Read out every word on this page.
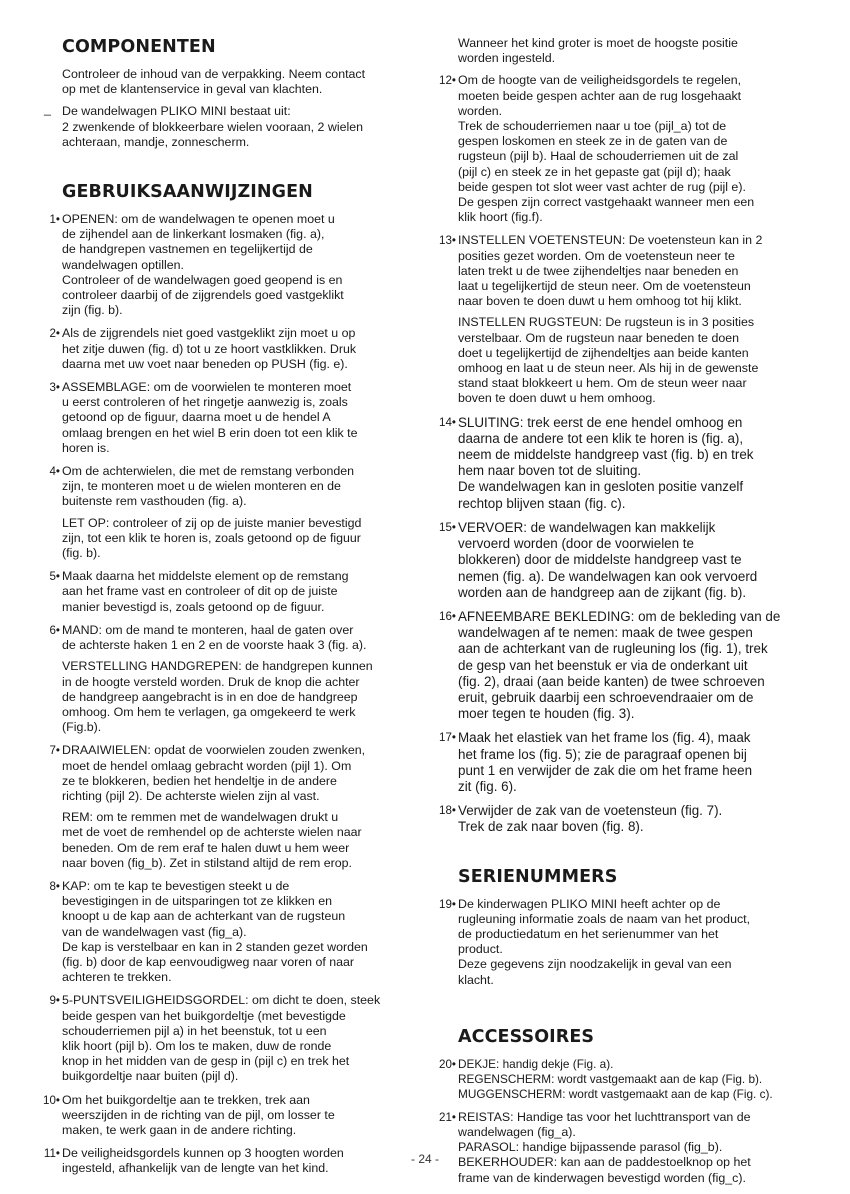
COMPONENTEN
Controleer de inhoud van de verpakking. Neem contact
op met de klantenservice in geval van klachten.
_ De wandelwagen PLIKO MINI bestaat uit:
2 zwenkende of blokkeerbare wielen vooraan, 2 wielen
achteraan, mandje, zonnescherm.
GEBRUIKSAANWIJZINGEN
1• OPENEN: om de wandelwagen te openen moet u
de zijhendel aan de linkerkant losmaken (fig. a),
de handgrepen vastnemen en tegelijkertijd de
wandelwagen optillen.
Controleer of de wandelwagen goed geopend is en
controleer daarbij of de zijgrendels goed vastgeklikt
zijn (fig. b).
2• Als de zijgrendels niet goed vastgeklikt zijn moet u op
het zitje duwen (fig. d) tot u ze hoort vastklikken. Druk
daarna met uw voet naar beneden op PUSH (fig. e).
3• ASSEMBLAGE: om de voorwielen te monteren moet
u eerst controleren of het ringetje aanwezig is, zoals
getoond op de figuur, daarna moet u de hendel A
omlaag brengen en het wiel B erin doen tot een klik te
horen is.
4• Om de achterwielen, die met de remstang verbonden
zijn, te monteren moet u de wielen monteren en de
buitenste rem vasthouden (fig. a).
LET OP: controleer of zij op de juiste manier bevestigd
zijn, tot een klik te horen is, zoals getoond op de figuur
(fig. b).
5• Maak daarna het middelste element op de remstang
aan het frame vast en controleer of dit op de juiste
manier bevestigd is, zoals getoond op de figuur.
6• MAND: om de mand te monteren, haal de gaten over
de achterste haken 1 en 2 en de voorste haak 3 (fig. a).
VERSTELLING HANDGREPEN: de handgrepen kunnen
in de hoogte versteld worden. Druk de knop die achter
de handgreep aangebracht is in en doe de handgreep
omhoog. Om hem te verlagen, ga omgekeerd te werk
(Fig.b).
7• DRAAIWIELEN: opdat de voorwielen zouden zwenken,
moet de hendel omlaag gebracht worden (pijl 1). Om
ze te blokkeren, bedien het hendeltje in de andere
richting (pijl 2). De achterste wielen zijn al vast.
REM: om te remmen met de wandelwagen drukt u
met de voet de remhendel op de achterste wielen naar
beneden. Om de rem eraf te halen duwt u hem weer
naar boven (fig_b). Zet in stilstand altijd de rem erop.
8• KAP: om te kap te bevestigen steekt u de
bevestigingen in de uitsparingen tot ze klikken en
knoopt u de kap aan de achterkant van de rugsteun
van de wandelwagen vast (fig_a).
De kap is verstelbaar en kan in 2 standen gezet worden
(fig. b) door de kap eenvoudigweg naar voren of naar
achteren te trekken.
9• 5-PUNTSVEILIGHEIDSGORDEL: om dicht te doen, steek
beide gespen van het buikgordeltje (met bevestigde
schouderriemen pijl a) in het beenstuk, tot u een
klik hoort (pijl b). Om los te maken, duw de ronde
knop in het midden van de gesp in (pijl c) en trek het
buikgordeltje naar buiten (pijl d).
10• Om het buikgordeltje aan te trekken, trek aan
weerszijden in de richting van de pijl, om losser te
maken, te werk gaan in de andere richting.
11• De veiligheidsgordels kunnen op 3 hoogten worden
ingesteld, afhankelijk van de lengte van het kind.
Wanneer het kind groter is moet de hoogste positie
worden ingesteld.
12• Om de hoogte van de veiligheidsgordels te regelen,
moeten beide gespen achter aan de rug losgehaakt
worden.
Trek de schouderriemen naar u toe (pijl_a) tot de
gespen loskomen en steek ze in de gaten van de
rugsteun (pijl b). Haal de schouderriemen uit de zal
(pijl c) en steek ze in het gepaste gat (pijl d); haak
beide gespen tot slot weer vast achter de rug (pijl e).
De gespen zijn correct vastgehaakt wanneer men een
klik hoort (fig.f).
13• INSTELLEN VOETENSTEUN: De voetensteun kan in 2
posities gezet worden. Om de voetensteun neer te
laten trekt u de twee zijhendeltjes naar beneden en
laat u tegelijkertijd de steun neer. Om de voetensteun
naar boven te doen duwt u hem omhoog tot hij klikt.
INSTELLEN RUGSTEUN: De rugsteun is in 3 posities
verstelbaar. Om de rugsteun naar beneden te doen
doet u tegelijkertijd de zijhendeltjes aan beide kanten
omhoog en laat u de steun neer. Als hij in de gewenste
stand staat blokkeert u hem. Om de steun weer naar
boven te doen duwt u hem omhoog.
14• SLUITING: trek eerst de ene hendel omhoog en
daarna de andere tot een klik te horen is (fig. a),
neem de middelste handgreep vast (fig. b) en trek
hem naar boven tot de sluiting.
De wandelwagen kan in gesloten positie vanzelf
rechtop blijven staan (fig. c).
15• VERVOER: de wandelwagen kan makkelijk
vervoerd worden (door de voorwielen te
blokkeren) door de middelste handgreep vast te
nemen (fig. a). De wandelwagen kan ook vervoerd
worden aan de handgreep aan de zijkant (fig. b).
16• AFNEEMBARE BEKLEDING: om de bekleding van de
wandelwagen af te nemen: maak de twee gespen
aan de achterkant van de rugleuning los (fig. 1), trek
de gesp van het beenstuk er via de onderkant uit
(fig. 2), draai (aan beide kanten) de twee schroeven
eruit, gebruik daarbij een schroevendraaier om de
moer tegen te houden (fig. 3).
17• Maak het elastiek van het frame los (fig. 4), maak
het frame los (fig. 5); zie de paragraaf openen bij
punt 1 en verwijder de zak die om het frame heen
zit (fig. 6).
18• Verwijder de zak van de voetensteun (fig. 7).
Trek de zak naar boven (fig. 8).
SERIENUMMERS
19• De kinderwagen PLIKO MINI heeft achter op de
rugleuning informatie zoals de naam van het product,
de productiedatum en het serienummer van het
product.
Deze gegevens zijn noodzakelijk in geval van een
klacht.
ACCESSOIRES
20• DEKJE: handig dekje (Fig. a).
REGENSCHERM: wordt vastgemaakt aan de kap (Fig. b).
MUGGENSCHERM: wordt vastgemaakt aan de kap (Fig. c).
21• REISTAS: Handige tas voor het luchttransport van de
wandelwagen (fig_a).
PARASOL: handige bijpassende parasol (fig_b).
BEKERHOUDER: kan aan de paddestoelknop op het
frame van de kinderwagen bevestigd worden (fig_c).
- 24 -
